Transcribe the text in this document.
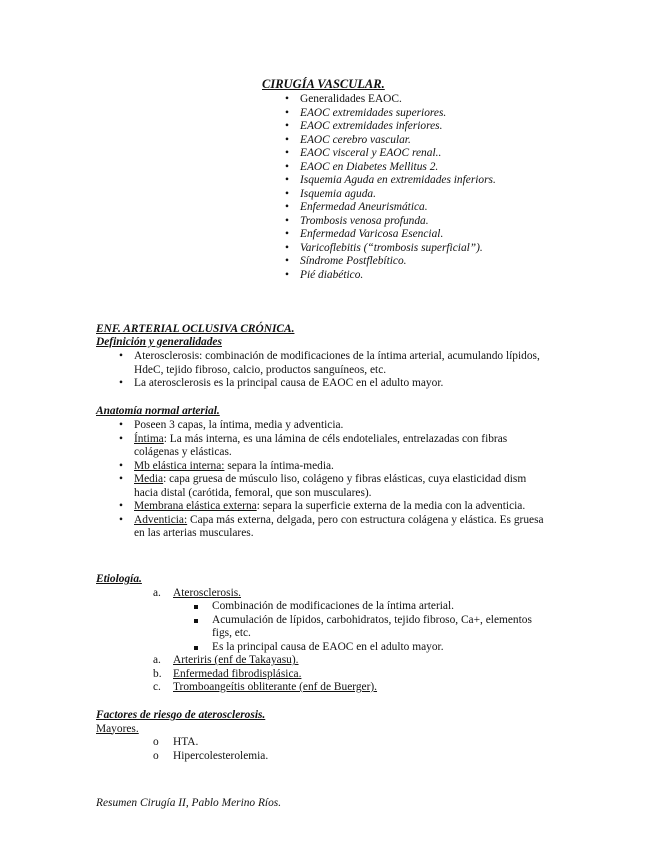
CIRUGÍA VASCULAR.
• Generalidades EAOC.
• EAOC extremidades superiores.
• EAOC extremidades inferiores.
• EAOC cerebro vascular.
• EAOC visceral y EAOC renal..
• EAOC en Diabetes Mellitus 2.
• Isquemia Aguda en extremidades inferiors.
• Isquemia aguda.
• Enfermedad Aneurismática.
• Trombosis venosa profunda.
• Enfermedad Varicosa Esencial.
• Varicoflebitis (“trombosis superficial”).
• Síndrome Postflebítico.
• Pié diabético.
ENF. ARTERIAL OCLUSIVA CRÓNICA.
Definición y generalidades
• Aterosclerosis: combinación de modificaciones de la íntima arterial, acumulando lípidos,
HdeC, tejido fibroso, calcio, productos sanguíneos, etc.
• La aterosclerosis es la principal causa de EAOC en el adulto mayor.
Anatomía normal arterial.
• Poseen 3 capas, la íntima, media y adventicia.
• Íntima: La más interna, es una lámina de céls endoteliales, entrelazadas con fibras
colágenas y elásticas.
• Mb elástica interna: separa la íntima-media.
• Media: capa gruesa de músculo liso, colágeno y fibras elásticas, cuya elasticidad dism
hacia distal (carótida, femoral, que son musculares).
• Membrana elástica externa: separa la superficie externa de la media con la adventicia.
• Adventicia: Capa más externa, delgada, pero con estructura colágena y elástica. Es gruesa
en las arterias musculares.
Etiología.
a. Aterosclerosis.
Combinación de modificaciones de la íntima arterial.
Acumulación de lípidos, carbohidratos, tejido fibroso, Ca+, elementos
figs, etc.
Es la principal causa de EAOC en el adulto mayor.
a. Arteriris (enf de Takayasu).
b. Enfermedad fibrodisplásica.
c. Tromboangeítis obliterante (enf de Buerger).
Factores de riesgo de aterosclerosis.
Mayores.
o HTA.
o Hipercolesterolemia.
Resumen Cirugía II, Pablo Merino Ríos.
